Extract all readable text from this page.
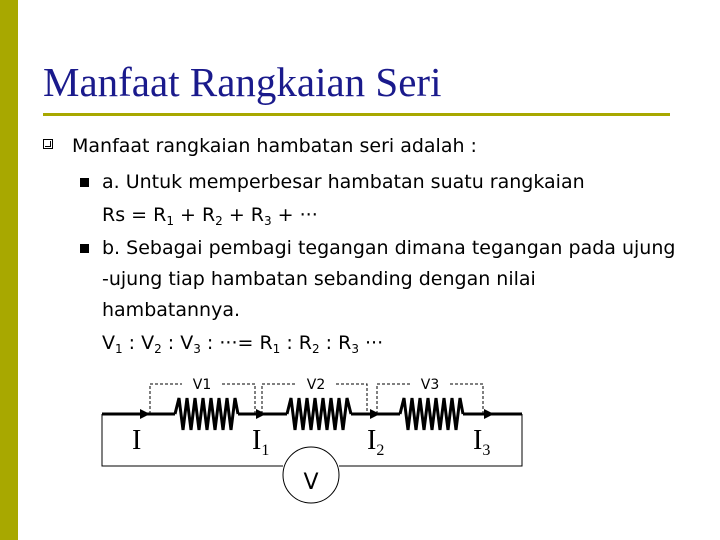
Manfaat Rangkaian Seri
Manfaat rangkaian hambatan seri adalah :
a. Untuk memperbesar hambatan suatu rangkaian
$Rs = R_1 + R_2 + R_3$ + ···
b. Sebagai pembagi tegangan dimana tegangan pada ujung
-ujung tiap hambatan sebanding dengan nilai
hambatannya.
$V_1$ : $V_2$ : $V_3$ : ···= $R_1$ : $R_2$ : $R_3$ ···
V
V1	V2	V3
I	$I_1$	$I_2$	$I_3$
